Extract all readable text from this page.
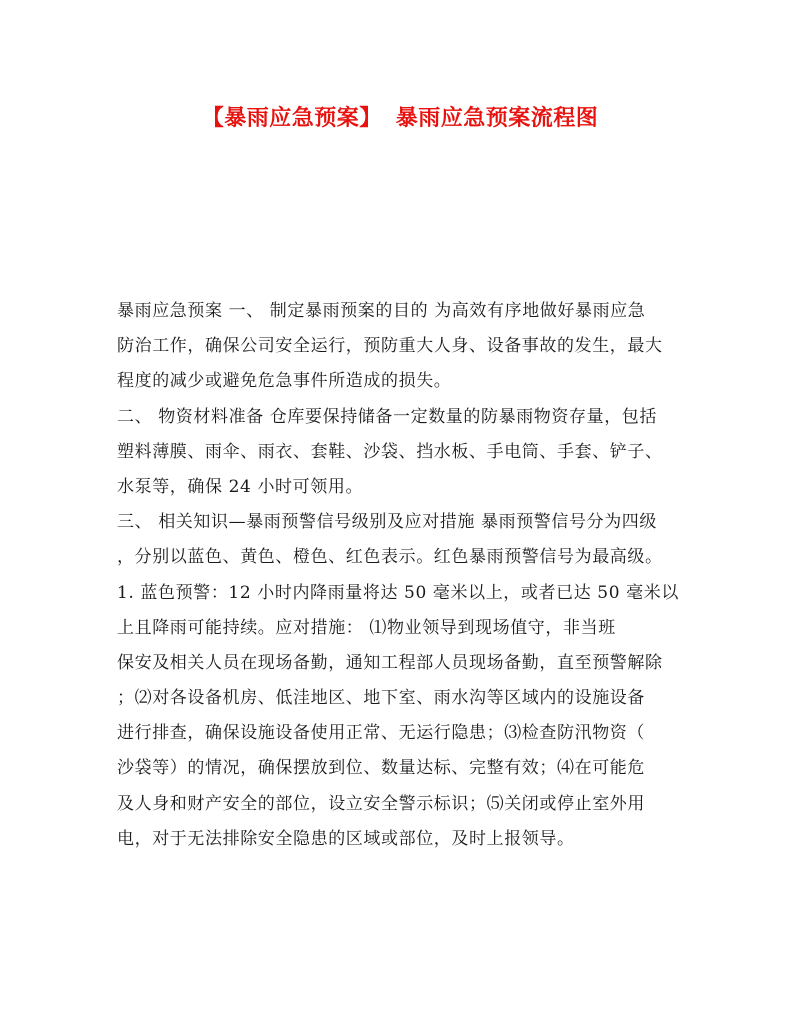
【暴雨应急预案】 暴雨应急预案流程图
暴雨应急预案 一、 制定暴雨预案的目的 为高效有序地做好暴雨应急
防治工作，确保公司安全运行，预防重大人身、设备事故的发生，最大
程度的减少或避免危急事件所造成的损失。
二、 物资材料准备 仓库要保持储备一定数量的防暴雨物资存量，包括
塑料薄膜、雨伞、雨衣、套鞋、沙袋、挡水板、手电筒、手套、铲子、
水泵等，确保 24 小时可领用。
三、 相关知识—暴雨预警信号级别及应对措施 暴雨预警信号分为四级
，分别以蓝色、黄色、橙色、红色表示。红色暴雨预警信号为最高级。
1. 蓝色预警：12 小时内降雨量将达 50 毫米以上，或者已达 50 毫米以
上且降雨可能持续。应对措施： ⑴物业领导到现场值守，非当班
保安及相关人员在现场备勤，通知工程部人员现场备勤，直至预警解除
；⑵对各设备机房、低洼地区、地下室、雨水沟等区域内的设施设备
进行排查，确保设施设备使用正常、无运行隐患；⑶检查防汛物资（
沙袋等）的情况，确保摆放到位、数量达标、完整有效；⑷在可能危
及人身和财产安全的部位，设立安全警示标识；⑸关闭或停止室外用
电，对于无法排除安全隐患的区域或部位，及时上报领导。
